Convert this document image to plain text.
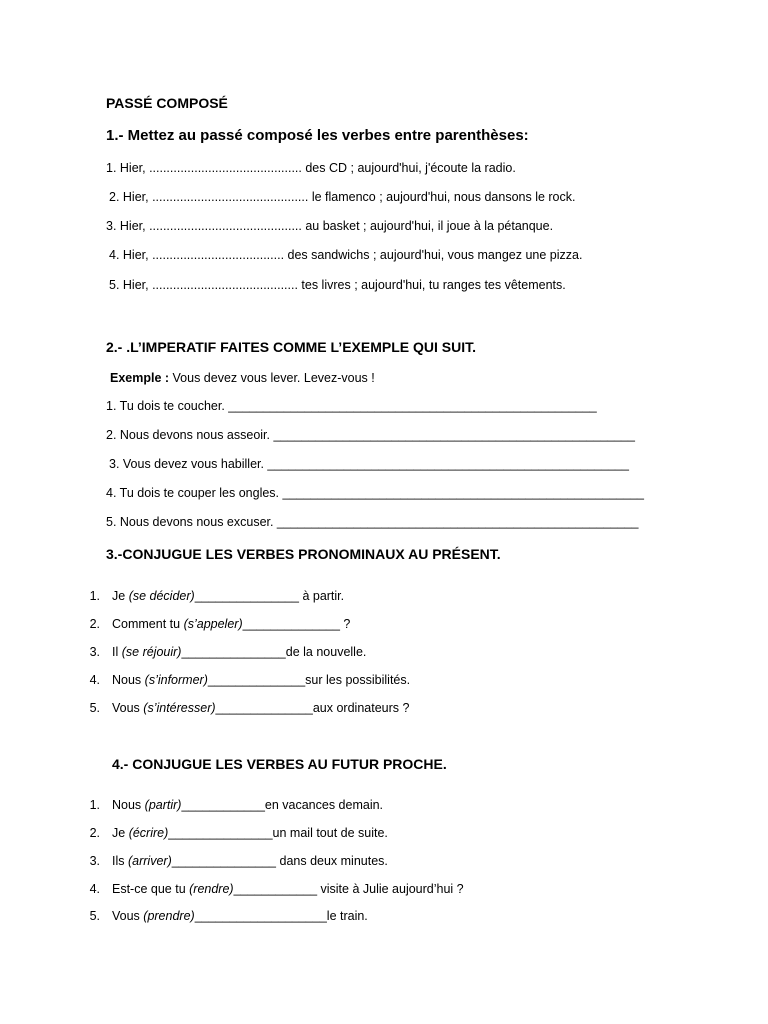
PASSÉ COMPOSÉ
1.- Mettez au passé composé les verbes entre parenthèses:
1. Hier, ............................................ des CD ; aujourd'hui, j'écoute la radio.
2. Hier, ............................................. le flamenco ; aujourd'hui, nous dansons le rock.
3. Hier, ............................................ au basket ; aujourd'hui, il joue à la pétanque.
4. Hier, ...................................... des sandwichs ; aujourd'hui, vous mangez une pizza.
5. Hier, .......................................... tes livres ; aujourd'hui, tu ranges tes vêtements.
2.- .L’IMPERATIF FAITES COMME L’EXEMPLE QUI SUIT.
Exemple : Vous devez vous lever. Levez-vous !
1. Tu dois te coucher. _____________________________________________________
2. Nous devons nous asseoir. ____________________________________________________
3. Vous devez vous habiller. ____________________________________________________
4. Tu dois te couper les ongles. ____________________________________________________
5. Nous devons nous excuser. ____________________________________________________
3.-CONJUGUE LES VERBES PRONOMINAUX AU PRÉSENT.
1. Je (se décider)_______________ à partir.
2. Comment tu (s’appeler)______________ ?
3. Il (se réjouir)_______________de la nouvelle.
4. Nous (s’informer)______________sur les possibilités.
5. Vous (s’intéresser)______________aux ordinateurs ?
4.- CONJUGUE LES VERBES AU FUTUR PROCHE.
1. Nous (partir)____________en vacances demain.
2. Je (écrire)_______________un mail tout de suite.
3. Ils (arriver)_______________ dans deux minutes.
4. Est-ce que tu (rendre)____________ visite à Julie aujourd’hui ?
5. Vous (prendre)___________________le train.
